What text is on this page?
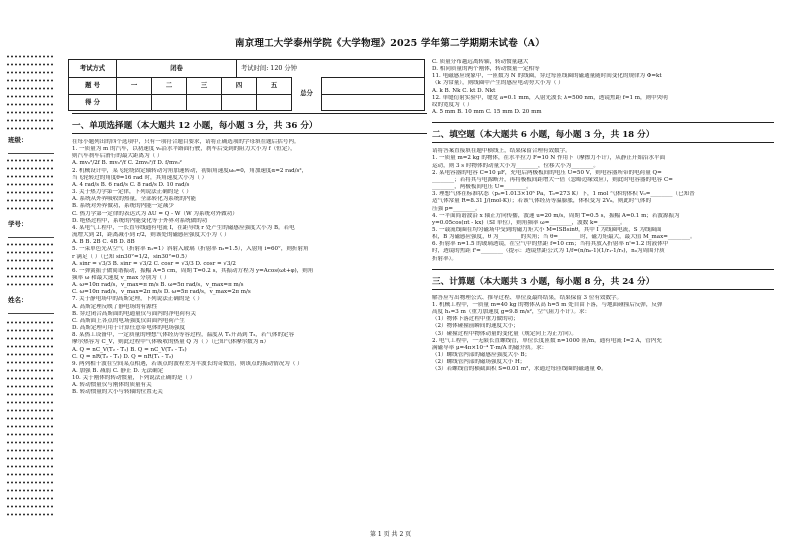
班级：
学号：
姓名：
南京理工大学泰州学院《大学物理》2025 学年第二学期期末试卷（A）
考试方式	闭卷	考试时间: 120 分钟
题 号	一	二	三	四	五
总分
得 分
一、单项选择题（本大题共 12 小题，每小题 3 分，共 36 分）
在每小题列出的四个选项中，只有一项符合题目要求，请将正确选项的字母填在题后括号内。
1. 一质量为 m 的汽车，以初速度 v₀沿水平路面行驶，刹车后受到的阻力大小为 f（恒定），
则汽车刹车后滑行的最大距离为（ ）
A. mv₀²/2f B. mv₀²/f C. 2mv₀²/f D. f/mv₀²
2. 机械设计中，某飞轮绕固定轴转动匀角加速转动，初始角速度ω₀=0，角加速度α=2 rad/s²，
当飞轮转过的角度θ=16 rad 时，其角速度大小为（ ）
A. 4 rad/s B. 6 rad/s C. 8 rad/s D. 10 rad/s
3. 关于热力学第一定律，下列说法正确的是（ ）
A. 系统从外界吸收的热量，全部转化为系统的内能
B. 系统对外界做功，系统的内能一定减少
C. 热力学第一定律的表达式为 ΔU = Q - W（W 为系统对外做功）
D. 绝热过程中，系统的内能变化等于外界对系统做的功
4. 某电气工程中，一长直导线通有电流 I，在距导线 r 处产生的磁感应强度大小为 B。若电
流增大到 2I，距离减小到 r/2，则该处的磁感应强度大小为（ ）
A. B B. 2B C. 4B D. 8B
5. 一束单色光从空气（折射率 n₁=1）斜射入玻璃（折射率 n₂=1.5），入射角 i=60°，则折射角
r 满足（ ）（已知 sin30°=1/2，sin30°=0.5）
A. sinr = √3/3 B. sinr = √3/2 C. cosr = √3/3 D. cosr = √3/2
6. 一弹簧振子做简谐振动，振幅 A=5 cm，周期 T=0.2 s，其振动方程为 y=Acos(ωt+φ)，则角
频率 ω 和最大速度 v_max 分别为（ ）
A. ω=10π rad/s，v_max=π m/s B. ω=5π rad/s，v_max=π m/s
C. ω=10π rad/s，v_max=2π m/s D. ω=5π rad/s，v_max=2π m/s
7. 关于静电场中的高斯定理，下列说法正确的是（ ）
A. 高斯定理反映了静电场的有源性
B. 穿过闭合高斯面的电通量仅与面内的净电荷有关
C. 高斯面上各点的电场强度仅由面内电荷产生
D. 高斯定理可用于计算任意带电体的电场强度
8. 某热工设备中，一定质量的理想气体经历等容过程，温度从 T₁升高到 T₂，若气体的定容
摩尔热容为 C_V，则此过程中气体吸收的热量 Q 为（ ）（已知气体摩尔数为 n）
A. Q = nC_V(T₂ - T₁) B. Q = nC_V(T₁ - T₂)
C. Q = nR(T₂ - T₁) D. Q = nR(T₁ - T₂)
9. 两列相干波在空间某点相遇，若该点的波程差为半波长的奇数倍，则该点的振动情况为（ ）
A. 加强 B. 减弱 C. 静止 D. 无法确定
10. 关于刚体的转动惯量，下列说法正确的是（ ）
A. 转动惯量仅与刚体的质量有关
B. 转动惯量的大小与转轴的位置无关
C. 质量分布越远离转轴，转动惯量越大
D. 相同质量的两个刚体，转动惯量一定相等
11. 电磁感应现象中，一匝数为 N 的线圈，穿过每匝线圈的磁通量随时间变化的规律为 Φ=kt
（k 为常量），则线圈中产生的感应电动势大小为（ ）
A. k B. Nk C. kt D. Nkt
12. 单缝衍射实验中，缝宽 a=0.1 mm，入射光波长 λ=500 nm，透镜焦距 f=1 m，则中央明
纹的宽度为（ ）
A. 5 mm B. 10 mm C. 15 mm D. 20 mm
二、填空题（本大题共 6 小题，每小题 3 分，共 18 分）
请将答案直接填在题中横线上，结果保留合理有效数字。
1. 一质量 m=2 kg 的物体，在水平拉力 F=10 N 作用下（摩擦力不计），从静止开始沿水平面
运动，则 3 s 时物体的动量大小为________，位移大小为________。
2. 某电容器的电容 C=10 μF，充电后两极板间的电压 U=50 V，则电容器所带的电荷量 Q=
________；若将其与电源断开，再将极板间距增大一倍（忽略边缘效应），则此时电容器的电容 C=
________，两极板间电压 U=________。
3. 理想气体在标准状态（p₀=1.013×10⁵ Pa，T₀=273 K）下，1 mol 气体的体积 V₀=________（已知普
适气体常量 R=8.31 J/(mol·K)）；若该气体经历等温膨胀，体积变为 2V₀，则此时气体的
压强 p=________。
4. 一平面简谐波沿 x 轴正方向传播，波速 u=20 m/s，周期 T=0.5 s，振幅 A=0.1 m；若波源振为
y=0.05cos(πt - kx)（SI 单位），则角频率 ω=________，波数 k=________。
5. 一载流线圈在均匀磁场中受到的磁力矩大小 M=ISBsinθ，其中 I 为线圈电流，S 为线圈面
积，B 为磁感应强度，θ 为________的夹角；当 θ=________时，磁力矩最大，最大值 M_max=________。
6. 折射率 n=1.5 的玻璃透镜，在空气中的焦距 f=10 cm；当将其放入折射率 n'=1.2 的液体中
时，透镜的焦距 f'=________（提示：透镜焦距公式为 1/f=(n/n₀-1)(1/r₁-1/r₂)，n₀为周围介质
折射率）。
三、计算题（本大题共 3 小题，每小题 8 分，共 24 分）
解答应写出物理公式、推导过程、单位及最终结果，结果保留 3 位有效数字。
1. 机械工程中，一质量 m=40 kg 的物体从高 h=5 m 处自由下落，与地面碰撞后反弹，反弹
高度 h₁=3 m（重力加速度 g=9.8 m/s²，空气阻力不计）。求：
（1）物体下落过程中重力做的功；
（2）物体碰撞前瞬间的速度大小；
（3）碰撞过程中物体动量的变化量（规定向上为正方向）。
2. 电气工程中，一无限长直螺线管，单位长度匝数 n=1000 匝/m，通有电流 I=2 A，管内充
满磁导率 μ=4π×10⁻⁴ T·m/A 的磁介质。求：
（1）螺线管内部的磁感应强度大小 B；
（2）螺线管内部的磁场强度大小 H；
（3）若螺线管的横截面积 S=0.01 m²，求通过每匝线圈的磁通量 Φ。
第 1 页 共 2 页
